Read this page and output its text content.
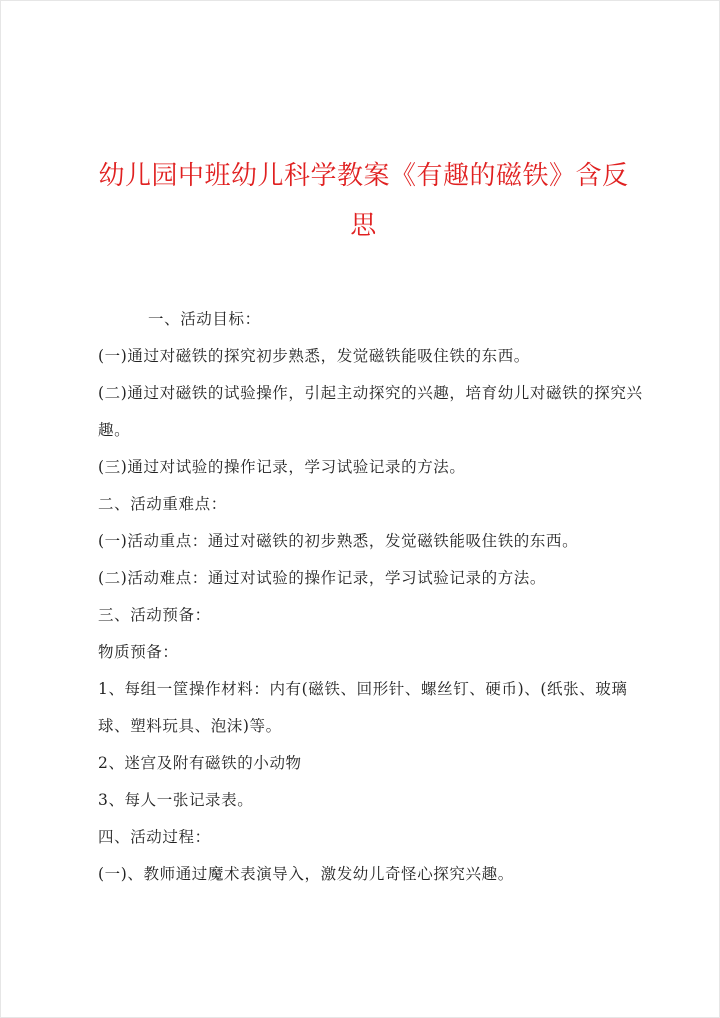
幼儿园中班幼儿科学教案《有趣的磁铁》含反思

一、活动目标：

(一)通过对磁铁的探究初步熟悉，发觉磁铁能吸住铁的东西。

(二)通过对磁铁的试验操作，引起主动探究的兴趣，培育幼儿对磁铁的探究兴趣。

(三)通过对试验的操作记录，学习试验记录的方法。

二、活动重难点：

(一)活动重点：通过对磁铁的初步熟悉，发觉磁铁能吸住铁的东西。

(二)活动难点：通过对试验的操作记录，学习试验记录的方法。

三、活动预备：

物质预备：

1、每组一筐操作材料：内有(磁铁、回形针、螺丝钉、硬币)、(纸张、玻璃球、塑料玩具、泡沫)等。

2、迷宫及附有磁铁的小动物

3、每人一张记录表。

四、活动过程：

(一)、教师通过魔术表演导入，激发幼儿奇怪心探究兴趣。
